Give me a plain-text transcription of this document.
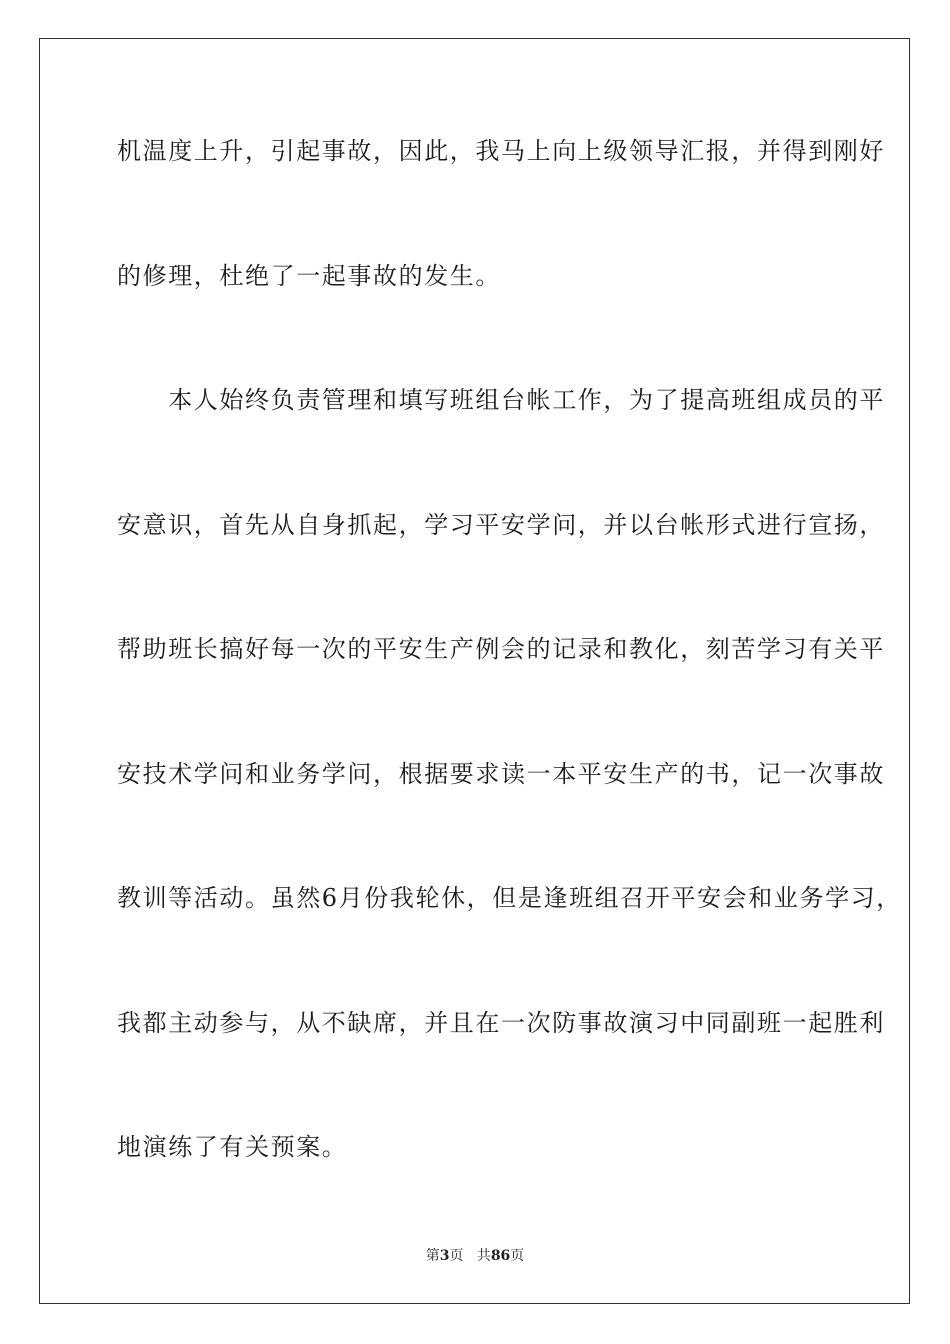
机温度上升，引起事故，因此，我马上向上级领导汇报，并得到刚好
的修理，杜绝了一起事故的发生。
　　本人始终负责管理和填写班组台帐工作，为了提高班组成员的平
安意识，首先从自身抓起，学习平安学问，并以台帐形式进行宣扬，
帮助班长搞好每一次的平安生产例会的记录和教化，刻苦学习有关平
安技术学问和业务学问，根据要求读一本平安生产的书，记一次事故
教训等活动。虽然6月份我轮休，但是逢班组召开平安会和业务学习，
我都主动参与，从不缺席，并且在一次防事故演习中同副班一起胜利
地演练了有关预案。
第3页 共86页
